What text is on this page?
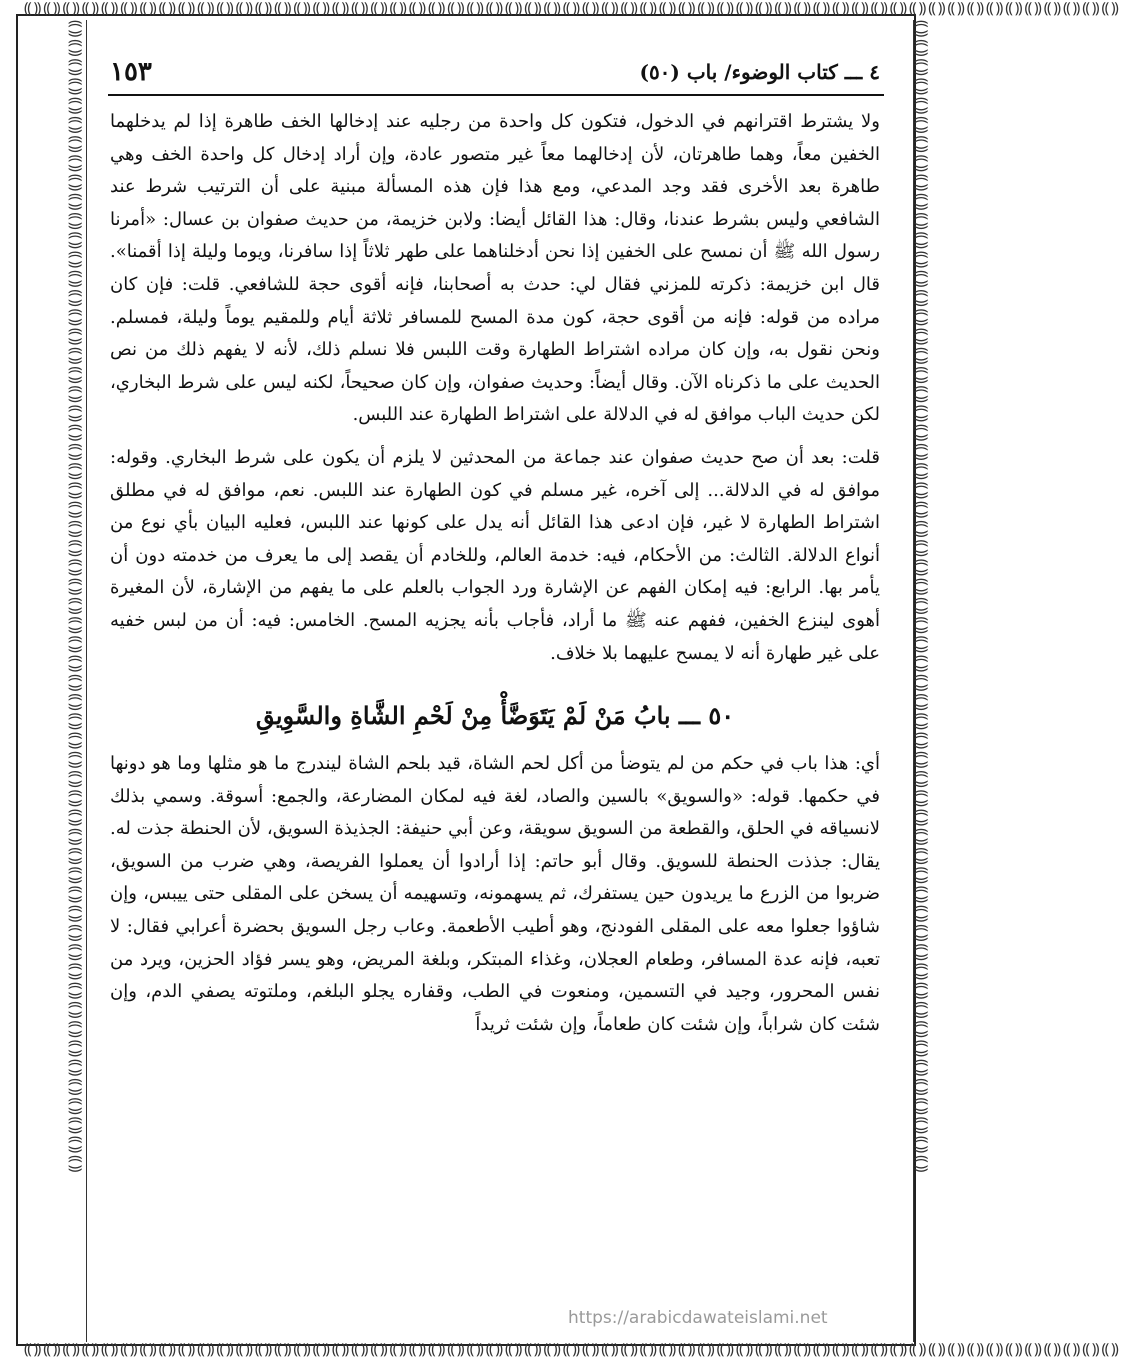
⸨⸩⸨⸩⸨⸩⸨⸩⸨⸩⸨⸩⸨⸩⸨⸩⸨⸩⸨⸩⸨⸩⸨⸩⸨⸩⸨⸩⸨⸩⸨⸩⸨⸩⸨⸩⸨⸩⸨⸩⸨⸩⸨⸩⸨⸩⸨⸩⸨⸩⸨⸩⸨⸩⸨⸩⸨⸩⸨⸩⸨⸩⸨⸩⸨⸩⸨⸩⸨⸩⸨⸩⸨⸩⸨⸩⸨⸩⸨⸩⸨⸩⸨⸩⸨⸩⸨⸩⸨⸩⸨⸩⸨⸩⸨⸩⸨⸩⸨⸩⸨⸩⸨⸩⸨⸩⸨⸩⸨⸩⸨⸩⸨⸩
⸨⸩⸨⸩⸨⸩⸨⸩⸨⸩⸨⸩⸨⸩⸨⸩⸨⸩⸨⸩⸨⸩⸨⸩⸨⸩⸨⸩⸨⸩⸨⸩⸨⸩⸨⸩⸨⸩⸨⸩⸨⸩⸨⸩⸨⸩⸨⸩⸨⸩⸨⸩⸨⸩⸨⸩⸨⸩⸨⸩⸨⸩⸨⸩⸨⸩⸨⸩⸨⸩⸨⸩⸨⸩⸨⸩⸨⸩⸨⸩⸨⸩⸨⸩⸨⸩⸨⸩⸨⸩⸨⸩⸨⸩⸨⸩⸨⸩⸨⸩⸨⸩⸨⸩⸨⸩⸨⸩⸨⸩⸨⸩⸨⸩
⸨⸩⸨⸩⸨⸩⸨⸩⸨⸩⸨⸩⸨⸩⸨⸩⸨⸩⸨⸩⸨⸩⸨⸩⸨⸩⸨⸩⸨⸩⸨⸩⸨⸩⸨⸩⸨⸩⸨⸩⸨⸩⸨⸩⸨⸩⸨⸩⸨⸩⸨⸩⸨⸩⸨⸩⸨⸩⸨⸩⸨⸩⸨⸩⸨⸩⸨⸩⸨⸩⸨⸩⸨⸩⸨⸩⸨⸩⸨⸩⸨⸩⸨⸩⸨⸩⸨⸩⸨⸩⸨⸩⸨⸩⸨⸩⸨⸩⸨⸩⸨⸩⸨⸩⸨⸩⸨⸩⸨⸩⸨⸩⸨⸩⸨⸩⸨⸩⸨⸩	⸨⸩⸨⸩⸨⸩⸨⸩⸨⸩⸨⸩⸨⸩⸨⸩⸨⸩⸨⸩⸨⸩⸨⸩⸨⸩⸨⸩⸨⸩⸨⸩⸨⸩⸨⸩⸨⸩⸨⸩⸨⸩⸨⸩⸨⸩⸨⸩⸨⸩⸨⸩⸨⸩⸨⸩⸨⸩⸨⸩⸨⸩⸨⸩⸨⸩⸨⸩⸨⸩⸨⸩⸨⸩⸨⸩⸨⸩⸨⸩⸨⸩⸨⸩⸨⸩⸨⸩⸨⸩⸨⸩⸨⸩⸨⸩⸨⸩⸨⸩⸨⸩⸨⸩⸨⸩⸨⸩⸨⸩⸨⸩⸨⸩⸨⸩⸨⸩⸨⸩
٤ ـــ كتاب الوضوء/ باب (٥٠)
١٥٣

ولا يشترط اقترانهم في الدخول، فتكون كل واحدة من رجليه عند إدخالها الخف طاهرة إذا لم يدخلهما الخفين معاً، وهما طاهرتان، لأن إدخالهما معاً غير متصور عادة، وإن أراد إدخال كل واحدة الخف وهي طاهرة بعد الأخرى فقد وجد المدعي، ومع هذا فإن هذه المسألة مبنية على أن الترتيب شرط عند الشافعي وليس بشرط عندنا، وقال: هذا القائل أيضا: ولابن خزيمة، من حديث صفوان بن عسال: «أمرنا رسول الله ﷺ أن نمسح على الخفين إذا نحن أدخلناهما على طهر ثلاثاً إذا سافرنا، ويوما وليلة إذا أقمنا». قال ابن خزيمة: ذكرته للمزني فقال لي: حدث به أصحابنا، فإنه أقوى حجة للشافعي. قلت: فإن كان مراده من قوله: فإنه من أقوى حجة، كون مدة المسح للمسافر ثلاثة أيام وللمقيم يوماً وليلة، فمسلم. ونحن نقول به، وإن كان مراده اشتراط الطهارة وقت اللبس فلا نسلم ذلك، لأنه لا يفهم ذلك من نص الحديث على ما ذكرناه الآن. وقال أيضاً: وحديث صفوان، وإن كان صحيحاً، لكنه ليس على شرط البخاري، لكن حديث الباب موافق له في الدلالة على اشتراط الطهارة عند اللبس.

قلت: بعد أن صح حديث صفوان عند جماعة من المحدثين لا يلزم أن يكون على شرط البخاري. وقوله: موافق له في الدلالة... إلى آخره، غير مسلم في كون الطهارة عند اللبس. نعم، موافق له في مطلق اشتراط الطهارة لا غير، فإن ادعى هذا القائل أنه يدل على كونها عند اللبس، فعليه البيان بأي نوع من أنواع الدلالة. الثالث: من الأحكام، فيه: خدمة العالم، وللخادم أن يقصد إلى ما يعرف من خدمته دون أن يأمر بها. الرابع: فيه إمكان الفهم عن الإشارة ورد الجواب بالعلم على ما يفهم من الإشارة، لأن المغيرة أهوى لينزع الخفين، ففهم عنه ﷺ ما أراد، فأجاب بأنه يجزيه المسح. الخامس: فيه: أن من لبس خفيه على غير طهارة أنه لا يمسح عليهما بلا خلاف.

٥٠ ـــ بابُ مَنْ لَمْ يَتَوَضَّأْ مِنْ لَحْمِ الشَّاةِ والسَّوِيقِ

أي: هذا باب في حكم من لم يتوضأ من أكل لحم الشاة، قيد بلحم الشاة ليندرج ما هو مثلها وما هو دونها في حكمها. قوله: «والسويق» بالسين والصاد، لغة فيه لمكان المضارعة، والجمع: أسوقة. وسمي بذلك لانسياقه في الحلق، والقطعة من السويق سويقة، وعن أبي حنيفة: الجذيذة السويق، لأن الحنطة جذت له. يقال: جذذت الحنطة للسويق. وقال أبو حاتم: إذا أرادوا أن يعملوا الفريصة، وهي ضرب من السويق، ضربوا من الزرع ما يريدون حين يستفرك، ثم يسهمونه، وتسهيمه أن يسخن على المقلى حتى ييبس، وإن شاؤوا جعلوا معه على المقلى الفودنج، وهو أطيب الأطعمة. وعاب رجل السويق بحضرة أعرابي فقال: لا تعبه، فإنه عدة المسافر، وطعام العجلان، وغذاء المبتكر، وبلغة المريض، وهو يسر فؤاد الحزين، ويرد من نفس المحرور، وجيد في التسمين، ومنعوت في الطب، وقفاره يجلو البلغم، وملتوته يصفي الدم، وإن شئت كان شراباً، وإن شئت كان طعاماً، وإن شئت ثريداً

https://arabicdawateislami.net
